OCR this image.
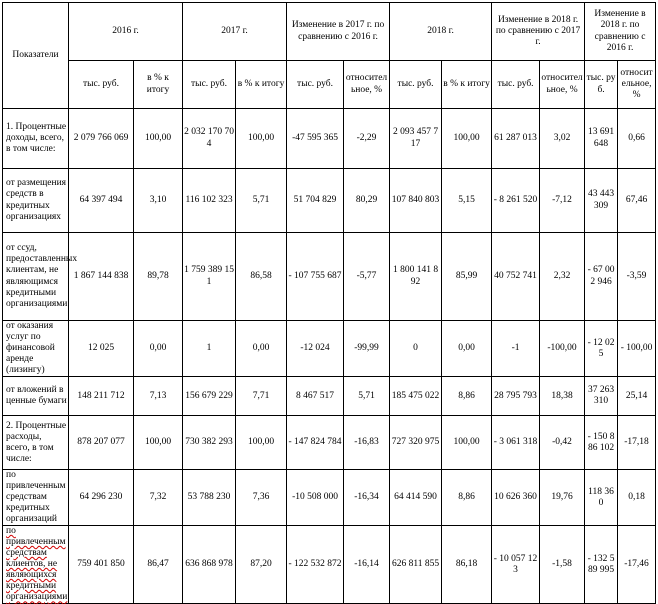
Показатели	2016 г.		2017 г.		Изменение в 2017 г. по сравнению с 2016 г.		2018 г.		Изменение в 2018 г. по сравнению с 2017 г.		Изменение в 2018 г. по сравнению с 2016 г.	
	тыс. руб.	в % к итогу	тыс. руб.	в % к итогу	тыс. руб.	относительное, %	тыс. руб.	в % к итогу	тыс. руб.	относительное, %	тыс. руб.	относительное, %
1. Процентные доходы, всего, в том числе:	2 079 766 069	100,00	2 032 170 704	100,00	-47 595 365	-2,29	2 093 457 717	100,00	61 287 013	3,02	13 691 648	0,66
от размещения средств в кредитных организациях	64 397 494	3,10	116 102 323	5,71	51 704 829	80,29	107 840 803	5,15	- 8 261 520	-7,12	43 443 309	67,46
от ссуд, предоставленных клиентам, не являющимся кредитными организациями	1 867 144 838	89,78	1 759 389 151	86,58	- 107 755 687	-5,77	1 800 141 892	85,99	40 752 741	2,32	- 67 002 946	-3,59
от оказания услуг по финансовой аренде (лизингу)	12 025	0,00	1	0,00	-12 024	-99,99	0	0,00	-1	-100,00	- 12 025	- 100,00
от вложений в ценные бумаги	148 211 712	7,13	156 679 229	7,71	8 467 517	5,71	185 475 022	8,86	28 795 793	18,38	37 263 310	25,14
2. Процентные расходы, всего, в том числе:	878 207 077	100,00	730 382 293	100,00	- 147 824 784	-16,83	727 320 975	100,00	- 3 061 318	-0,42	- 150 886 102	-17,18
по привлеченным средствам кредитных организаций	64 296 230	7,32	53 788 230	7,36	-10 508 000	-16,34	64 414 590	8,86	10 626 360	19,76	118 360	0,18
по привлеченным средствам клиентов, не являющихся кредитными организациями	759 401 850	86,47	636 868 978	87,20	- 122 532 872	-16,14	626 811 855	86,18	- 10 057 123	-1,58	- 132 589 995	-17,46
